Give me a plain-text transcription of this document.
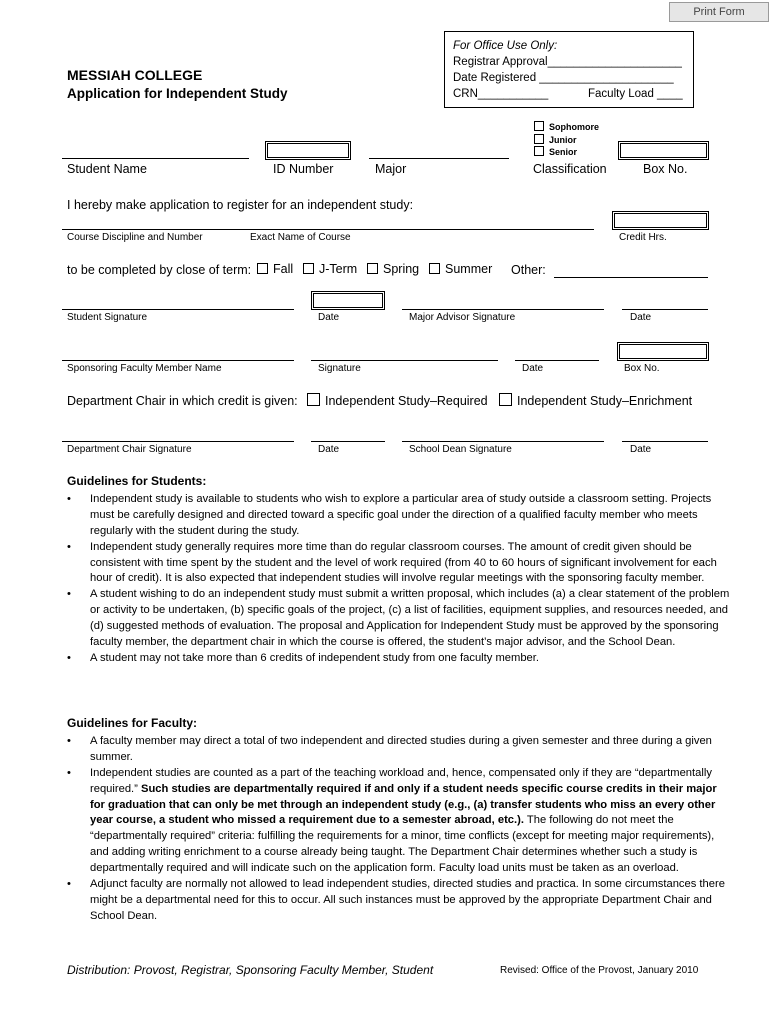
Print Form
MESSIAH COLLEGE
Application for Independent Study
For Office Use Only:
Registrar Approval_____________________
Date Registered _____________________
CRN___________	Faculty Load ____
Sophomore
Junior
Senior
Student Name	ID Number	Major	Classification	Box No.
I hereby make application to register for an independent study:
Course Discipline and Number	Exact Name of Course	Credit Hrs.
to be completed by close of term:	Fall	J-Term	Spring	Summer Other:
Student Signature	Date	Major Advisor Signature	Date
Sponsoring Faculty Member Name	Signature	Date	Box No.
Department Chair in which credit is given:	Independent Study–Required	Independent Study–Enrichment
Department Chair Signature	Date	School Dean Signature	Date
Guidelines for Students:
• Independent study is available to students who wish to explore a particular area of study outside a classroom setting. Projects must be carefully designed and directed toward a specific goal under the direction of a qualified faculty member who meets regularly with the student during the study.
• Independent study generally requires more time than do regular classroom courses. The amount of credit given should be consistent with time spent by the student and the level of work required (from 40 to 60 hours of significant involvement for each hour of credit). It is also expected that independent studies will involve regular meetings with the sponsoring faculty member.
• A student wishing to do an independent study must submit a written proposal, which includes (a) a clear statement of the problem or activity to be undertaken, (b) specific goals of the project, (c) a list of facilities, equipment supplies, and resources needed, and (d) suggested methods of evaluation. The proposal and Application for Independent Study must be approved by the sponsoring faculty member, the department chair in which the course is offered, the student’s major advisor, and the School Dean.
• A student may not take more than 6 credits of independent study from one faculty member.
Guidelines for Faculty:
• A faculty member may direct a total of two independent and directed studies during a given semester and three during a given summer.
• Independent studies are counted as a part of the teaching workload and, hence, compensated only if they are “departmentally required.” Such studies are departmentally required if and only if a student needs specific course credits in their major for graduation that can only be met through an independent study (e.g., (a) transfer students who miss an every other year course, a student who missed a requirement due to a semester abroad, etc.). The following do not meet the “departmentally required” criteria: fulfilling the requirements for a minor, time conflicts (except for meeting major requirements), and adding writing enrichment to a course already being taught. The Department Chair determines whether such a study is departmentally required and will indicate such on the application form. Faculty load units must be taken as an overload.
• Adjunct faculty are normally not allowed to lead independent studies, directed studies and practica. In some circumstances there might be a departmental need for this to occur. All such instances must be approved by the appropriate Department Chair and School Dean.
Distribution: Provost, Registrar, Sponsoring Faculty Member, Student	Revised: Office of the Provost, January 2010
